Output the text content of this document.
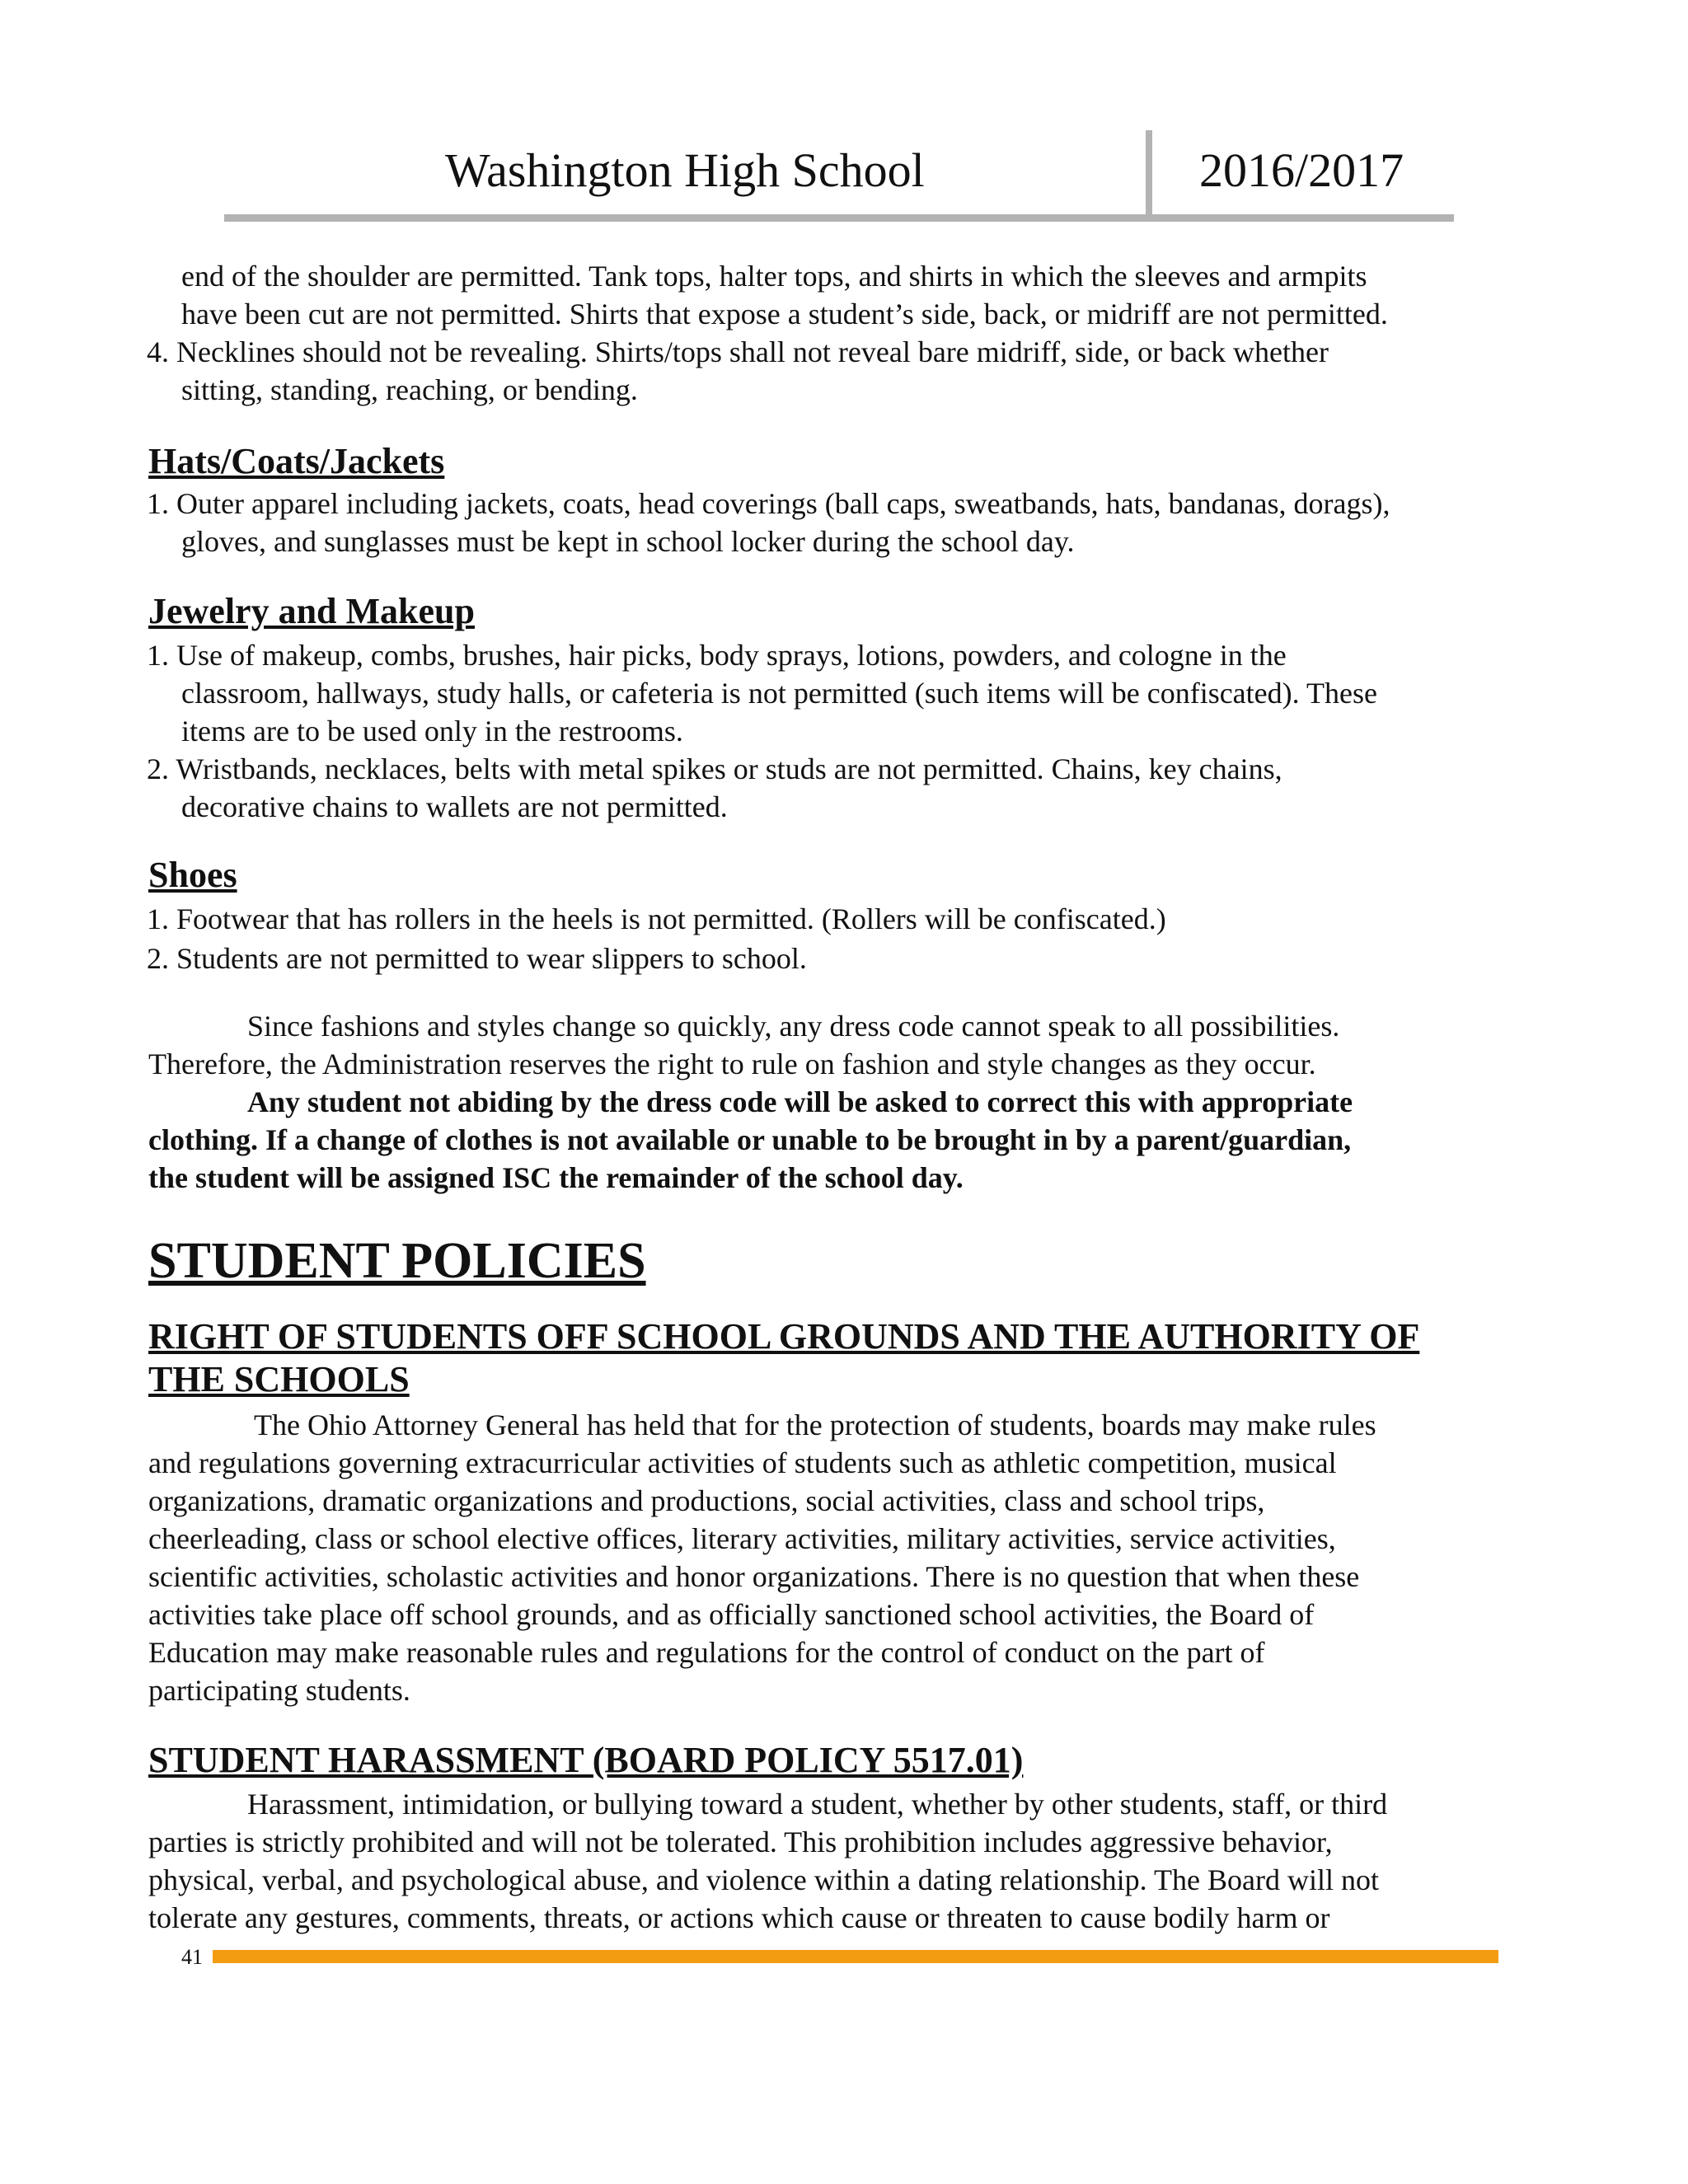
Washington High School	2016/2017
end of the shoulder are permitted. Tank tops, halter tops, and shirts in which the sleeves and armpits
have been cut are not permitted. Shirts that expose a student’s side, back, or midriff are not permitted.
4. Necklines should not be revealing. Shirts/tops shall not reveal bare midriff, side, or back whether
sitting, standing, reaching, or bending.
Hats/Coats/Jackets
1. Outer apparel including jackets, coats, head coverings (ball caps, sweatbands, hats, bandanas, dorags),
gloves, and sunglasses must be kept in school locker during the school day.
Jewelry and Makeup
1. Use of makeup, combs, brushes, hair picks, body sprays, lotions, powders, and cologne in the
classroom, hallways, study halls, or cafeteria is not permitted (such items will be confiscated). These
items are to be used only in the restrooms.
2. Wristbands, necklaces, belts with metal spikes or studs are not permitted. Chains, key chains,
decorative chains to wallets are not permitted.
Shoes
1. Footwear that has rollers in the heels is not permitted. (Rollers will be confiscated.)
2. Students are not permitted to wear slippers to school.
Since fashions and styles change so quickly, any dress code cannot speak to all possibilities.
Therefore, the Administration reserves the right to rule on fashion and style changes as they occur.
Any student not abiding by the dress code will be asked to correct this with appropriate
clothing. If a change of clothes is not available or unable to be brought in by a parent/guardian,
the student will be assigned ISC the remainder of the school day.
STUDENT POLICIES
RIGHT OF STUDENTS OFF SCHOOL GROUNDS AND THE AUTHORITY OF
THE SCHOOLS
The Ohio Attorney General has held that for the protection of students, boards may make rules
and regulations governing extracurricular activities of students such as athletic competition, musical
organizations, dramatic organizations and productions, social activities, class and school trips,
cheerleading, class or school elective offices, literary activities, military activities, service activities,
scientific activities, scholastic activities and honor organizations. There is no question that when these
activities take place off school grounds, and as officially sanctioned school activities, the Board of
Education may make reasonable rules and regulations for the control of conduct on the part of
participating students.
STUDENT HARASSMENT (BOARD POLICY 5517.01)
Harassment, intimidation, or bullying toward a student, whether by other students, staff, or third
parties is strictly prohibited and will not be tolerated. This prohibition includes aggressive behavior,
physical, verbal, and psychological abuse, and violence within a dating relationship. The Board will not
tolerate any gestures, comments, threats, or actions which cause or threaten to cause bodily harm or
41
